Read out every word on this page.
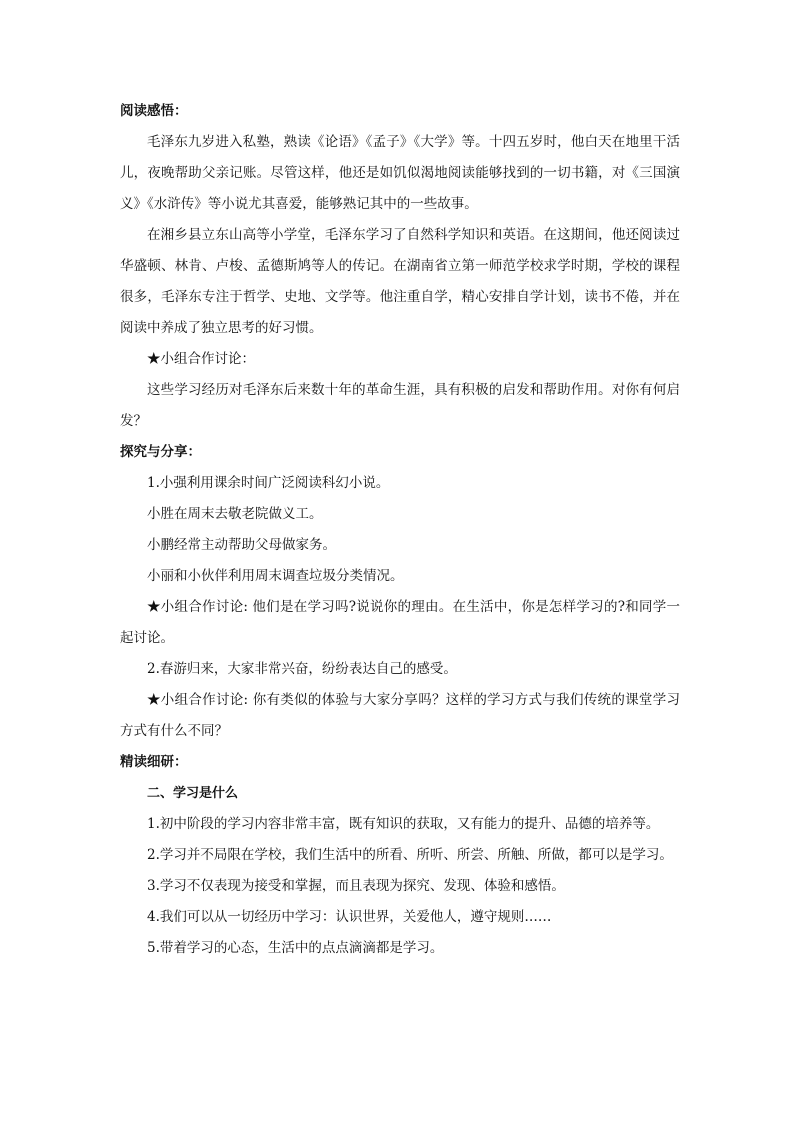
阅读感悟：

毛泽东九岁进入私塾，熟读《论语》《孟子》《大学》等。十四五岁时，他白天在地里干活儿，夜晚帮助父亲记账。尽管这样，他还是如饥似渴地阅读能够找到的一切书籍，对《三国演义》《水浒传》等小说尤其喜爱，能够熟记其中的一些故事。

在湘乡县立东山高等小学堂，毛泽东学习了自然科学知识和英语。在这期间，他还阅读过华盛顿、林肯、卢梭、孟德斯鸠等人的传记。在湖南省立第一师范学校求学时期，学校的课程很多，毛泽东专注于哲学、史地、文学等。他注重自学，精心安排自学计划，读书不倦，并在阅读中养成了独立思考的好习惯。

★小组合作讨论：

这些学习经历对毛泽东后来数十年的革命生涯，具有积极的启发和帮助作用。对你有何启发？

探究与分享：
1.小强利用课余时间广泛阅读科幻小说。
小胜在周末去敬老院做义工。
小鹏经常主动帮助父母做家务。
小丽和小伙伴利用周末调查垃圾分类情况。

★小组合作讨论: 他们是在学习吗?说说你的理由。在生活中，你是怎样学习的?和同学一起讨论。

2.春游归来，大家非常兴奋，纷纷表达自己的感受。

★小组合作讨论: 你有类似的体验与大家分享吗？这样的学习方式与我们传统的课堂学习方式有什么不同？

精读细研：
二、学习是什么

1.初中阶段的学习内容非常丰富，既有知识的获取，又有能力的提升、品德的培养等。

2.学习并不局限在学校，我们生活中的所看、所听、所尝、所触、所做，都可以是学习。

3.学习不仅表现为接受和掌握，而且表现为探究、发现、体验和感悟。
4.我们可以从一切经历中学习：认识世界，关爱他人，遵守规则……
5.带着学习的心态，生活中的点点滴滴都是学习。
